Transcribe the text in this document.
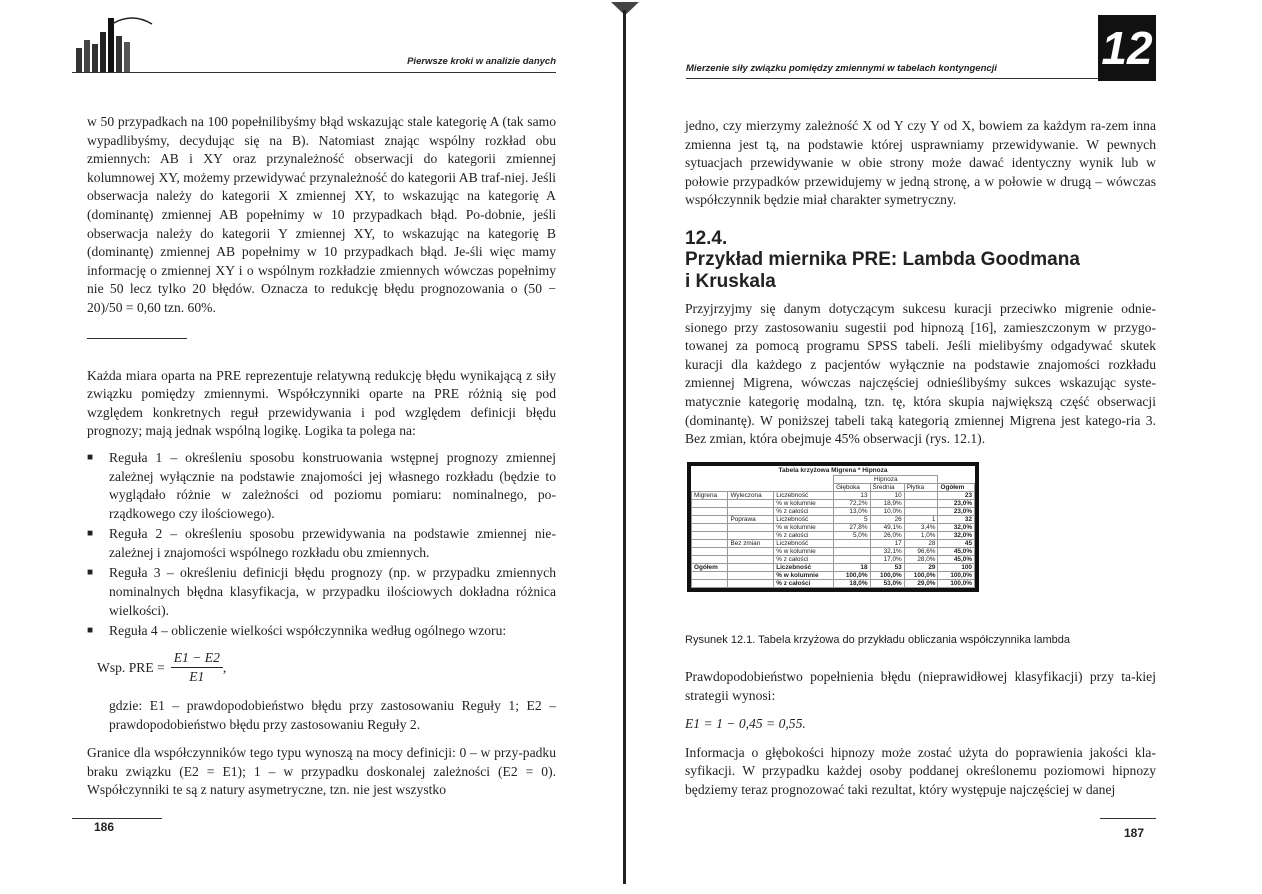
Pierwsze kroki w analizie danych

w 50 przypadkach na 100 popełnilibyśmy błąd wskazując stale kategorię A (tak samo wypadlibyśmy, decydując się na B). Natomiast znając wspólny rozkład obu zmiennych: AB i XY oraz przynależność obserwacji do kategorii zmiennej kolumnowej XY, możemy przewidywać przynależność do kategorii AB traf-niej. Jeśli obserwacja należy do kategorii X zmiennej XY, to wskazując na kategorię A (dominantę) zmiennej AB popełnimy w 10 przypadkach błąd. Po-dobnie, jeśli obserwacja należy do kategorii Y zmiennej XY, to wskazując na kategorię B (dominantę) zmiennej AB popełnimy w 10 przypadkach błąd. Je-śli więc mamy informację o zmiennej XY i o wspólnym rozkładzie zmiennych wówczas popełnimy nie 50 lecz tylko 20 błędów. Oznacza to redukcję błędu prognozowania o (50 − 20)/50 = 0,60 tzn. 60%.

Każda miara oparta na PRE reprezentuje relatywną redukcję błędu wynikającą z siły związku pomiędzy zmiennymi. Współczynniki oparte na PRE różnią się pod względem konkretnych reguł przewidywania i pod względem definicji błędu prognozy; mają jednak wspólną logikę. Logika ta polega na:

■ Reguła 1 – określeniu sposobu konstruowania wstępnej prognozy zmiennej zależnej wyłącznie na podstawie znajomości jej własnego rozkładu (będzie to wyglądało różnie w zależności od poziomu pomiaru: nominalnego, po-rządkowego czy ilościowego).
■ Reguła 2 – określeniu sposobu przewidywania na podstawie zmiennej nie-zależnej i znajomości wspólnego rozkładu obu zmiennych.
■ Reguła 3 – określeniu definicji błędu prognozy (np. w przypadku zmiennych nominalnych błędna klasyfikacja, w przypadku ilościowych dokładna różnica wielkości).
■ Reguła 4 – obliczenie wielkości współczynnika według ogólnego wzoru:
Wsp. PRE = $\frac{E1 - E2}{E1}$ ,

gdzie: E1 – prawdopodobieństwo błędu przy zastosowaniu Reguły 1; E2 – prawdopodobieństwo błędu przy zastosowaniu Reguły 2.

Granice dla współczynników tego typu wynoszą na mocy definicji: 0 – w przy-padku braku związku (E2 = E1); 1 – w przypadku doskonalej zależności (E2 = 0). Współczynniki te są z natury asymetryczne, tzn. nie jest wszystko

186
Mierzenie siły związku pomiędzy zmiennymi w tabelach kontyngencji 12

jedno, czy mierzymy zależność X od Y czy Y od X, bowiem za każdym ra-zem inna zmienna jest tą, na podstawie której usprawniamy przewidywanie. W pewnych sytuacjach przewidywanie w obie strony może dawać identyczny wynik lub w połowie przypadków przewidujemy w jedną stronę, a w połowie w drugą – wówczas współczynnik będzie miał charakter symetryczny.

12.4.
Przykład miernika PRE: Lambda Goodmana
i Kruskala

Przyjrzyjmy się danym dotyczącym sukcesu kuracji przeciwko migrenie odnie-sionego przy zastosowaniu sugestii pod hipnozą [16], zamieszczonym w przygo-towanej za pomocą programu SPSS tabeli. Jeśli mielibyśmy odgadywać skutek kuracji dla każdego z pacjentów wyłącznie na podstawie znajomości rozkładu zmiennej Migrena, wówczas najczęściej odnieślibyśmy sukces wskazując syste-matycznie kategorię modalną, tzn. tę, która skupia największą część obserwacji (dominantę). W poniższej tabeli taką kategorią zmiennej Migrena jest katego-ria 3. Bez zmian, która obejmuje 45% obserwacji (rys. 12.1).

Tabela krzyżowa Migrena * Hipnoza
			Hipnoza			
			Głęboka	Średnia	Płytka	Ogółem
Migrena	Wyleczona	Liczebność	13	10		23
		% w kolumnie	72,2%	18,9%		23,0%
		% z całości	13,0%	10,0%		23,0%
	Poprawa	Liczebność	5	26	1	32
		% w kolumnie	27,8%	49,1%	3,4%	32,0%
		% z całości	5,0%	26,0%	1,0%	32,0%
	Bez zmian	Liczebność		17	28	45
		% w kolumnie		32,1%	96,6%	45,0%
		% z całości		17,0%	28,0%	45,0%
Ogółem		Liczebność	18	53	29	100
		% w kolumnie	100,0%	100,0%	100,0%	100,0%
		% z całości	18,0%	53,0%	29,0%	100,0%
Rysunek 12.1. Tabela krzyżowa do przykładu obliczania współczynnika lambda

Prawdopodobieństwo popełnienia błędu (nieprawidłowej klasyfikacji) przy ta-kiej strategii wynosi:

E1 = 1 − 0,45 = 0,55.

Informacja o głębokości hipnozy może zostać użyta do poprawienia jakości kla-syfikacji. W przypadku każdej osoby poddanej określonemu poziomowi hipnozy będziemy teraz prognozować taki rezultat, który występuje najczęściej w danej

187
